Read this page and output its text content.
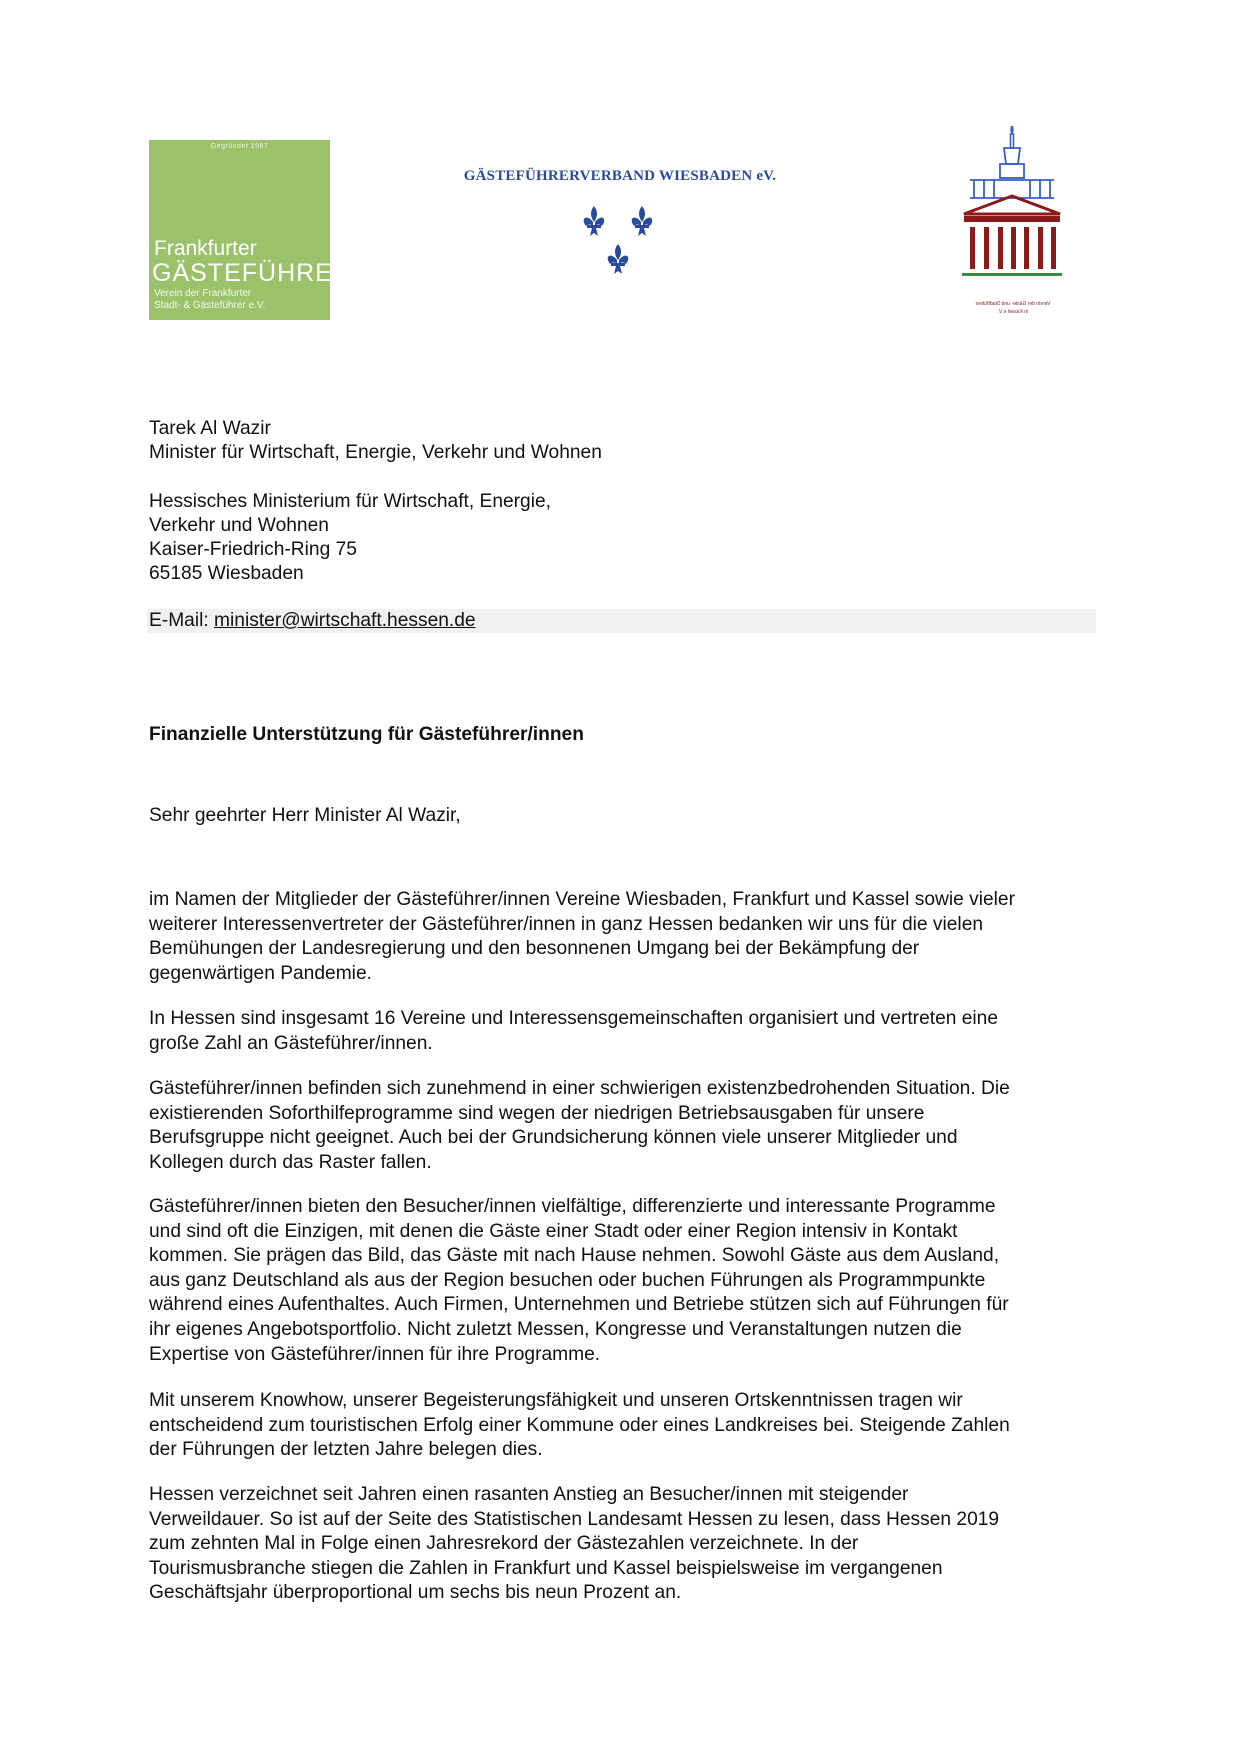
Gegründet 1987
Frankfurter
GÄSTEFÜHRER
Verein der Frankfurter
Stadt- & Gästeführer e.V.
GÄSTEFÜHRERVERBAND WIESBADEN eV.
Verein der Gäste- und Stadtführer
in Kassel e.V.
Tarek Al Wazir
Minister für Wirtschaft, Energie, Verkehr und Wohnen
Hessisches Ministerium für Wirtschaft, Energie,
Verkehr und Wohnen
Kaiser-Friedrich-Ring 75
65185 Wiesbaden
E-Mail: minister@wirtschaft.hessen.de
Finanzielle Unterstützung für Gästeführer/innen
Sehr geehrter Herr Minister Al Wazir,
im Namen der Mitglieder der Gästeführer/innen Vereine Wiesbaden, Frankfurt und Kassel sowie vieler
weiterer Interessenvertreter der Gästeführer/innen in ganz Hessen bedanken wir uns für die vielen
Bemühungen der Landesregierung und den besonnenen Umgang bei der Bekämpfung der
gegenwärtigen Pandemie.
In Hessen sind insgesamt 16 Vereine und Interessensgemeinschaften organisiert und vertreten eine
große Zahl an Gästeführer/innen.
Gästeführer/innen befinden sich zunehmend in einer schwierigen existenzbedrohenden Situation. Die
existierenden Soforthilfeprogramme sind wegen der niedrigen Betriebsausgaben für unsere
Berufsgruppe nicht geeignet. Auch bei der Grundsicherung können viele unserer Mitglieder und
Kollegen durch das Raster fallen.
Gästeführer/innen bieten den Besucher/innen vielfältige, differenzierte und interessante Programme
und sind oft die Einzigen, mit denen die Gäste einer Stadt oder einer Region intensiv in Kontakt
kommen. Sie prägen das Bild, das Gäste mit nach Hause nehmen. Sowohl Gäste aus dem Ausland,
aus ganz Deutschland als aus der Region besuchen oder buchen Führungen als Programmpunkte
während eines Aufenthaltes. Auch Firmen, Unternehmen und Betriebe stützen sich auf Führungen für
ihr eigenes Angebotsportfolio. Nicht zuletzt Messen, Kongresse und Veranstaltungen nutzen die
Expertise von Gästeführer/innen für ihre Programme.
Mit unserem Knowhow, unserer Begeisterungsfähigkeit und unseren Ortskenntnissen tragen wir
entscheidend zum touristischen Erfolg einer Kommune oder eines Landkreises bei. Steigende Zahlen
der Führungen der letzten Jahre belegen dies.
Hessen verzeichnet seit Jahren einen rasanten Anstieg an Besucher/innen mit steigender
Verweildauer. So ist auf der Seite des Statistischen Landesamt Hessen zu lesen, dass Hessen 2019
zum zehnten Mal in Folge einen Jahresrekord der Gästezahlen verzeichnete. In der
Tourismusbranche stiegen die Zahlen in Frankfurt und Kassel beispielsweise im vergangenen
Geschäftsjahr überproportional um sechs bis neun Prozent an.
